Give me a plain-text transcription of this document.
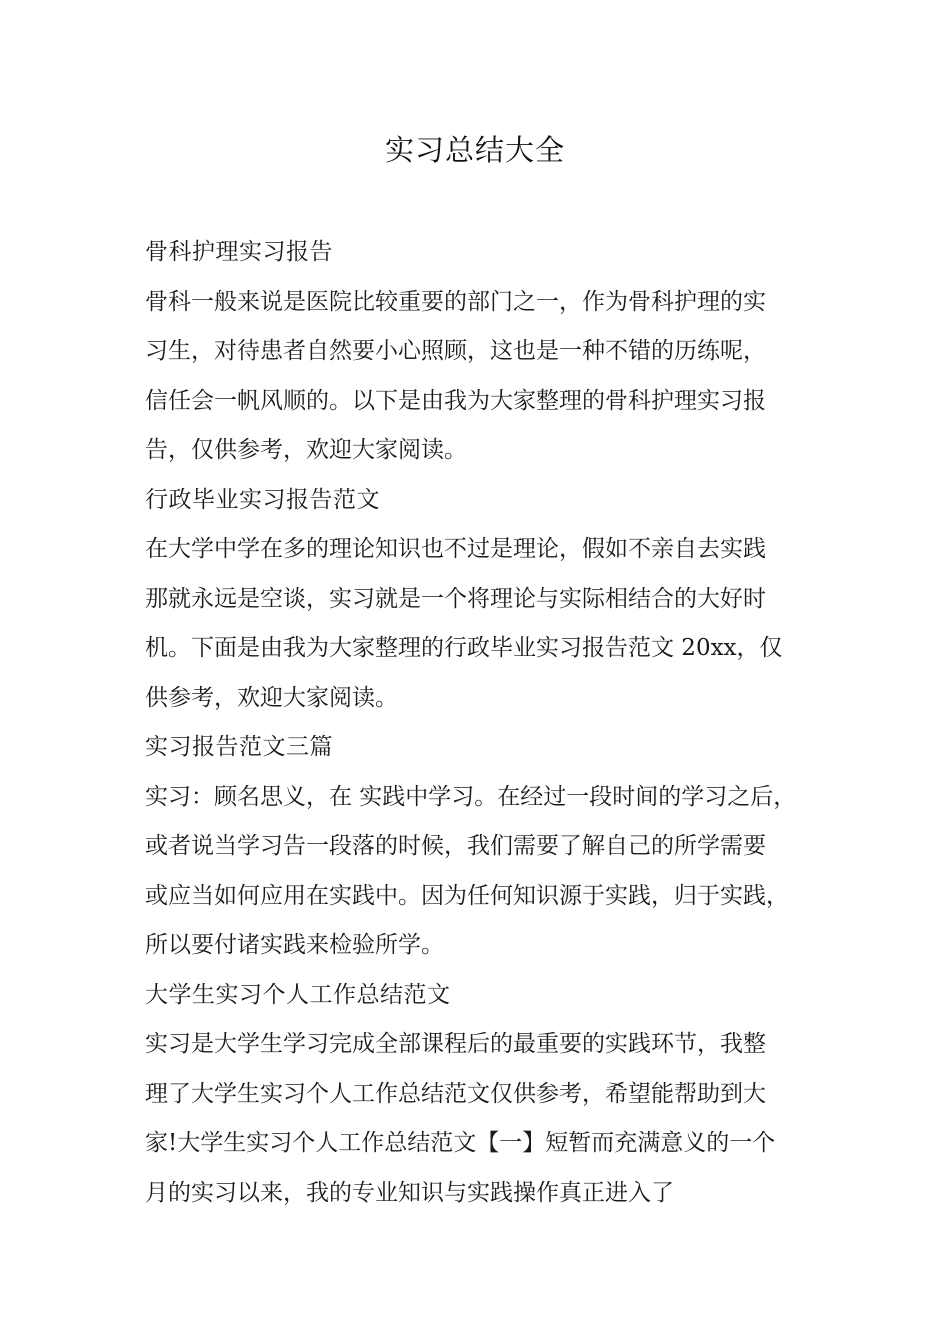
实习总结大全
骨科护理实习报告
骨科一般来说是医院比较重要的部门之一，作为骨科护理的实
习生，对待患者自然要小心照顾，这也是一种不错的历练呢，
信任会一帆风顺的。以下是由我为大家整理的骨科护理实习报
告，仅供参考，欢迎大家阅读。
行政毕业实习报告范文
在大学中学在多的理论知识也不过是理论，假如不亲自去实践
那就永远是空谈，实习就是一个将理论与实际相结合的大好时
机。下面是由我为大家整理的行政毕业实习报告范文 20xx，仅
供参考，欢迎大家阅读。
实习报告范文三篇
实习：顾名思义，在 实践中学习。在经过一段时间的学习之后，
或者说当学习告一段落的时候，我们需要了解自己的所学需要
或应当如何应用在实践中。因为任何知识源于实践，归于实践，
所以要付诸实践来检验所学。
大学生实习个人工作总结范文
实习是大学生学习完成全部课程后的最重要的实践环节，我整
理了大学生实习个人工作总结范文仅供参考，希望能帮助到大
家!大学生实习个人工作总结范文【一】短暂而充满意义的一个
月的实习以来，我的专业知识与实践操作真正进入了
